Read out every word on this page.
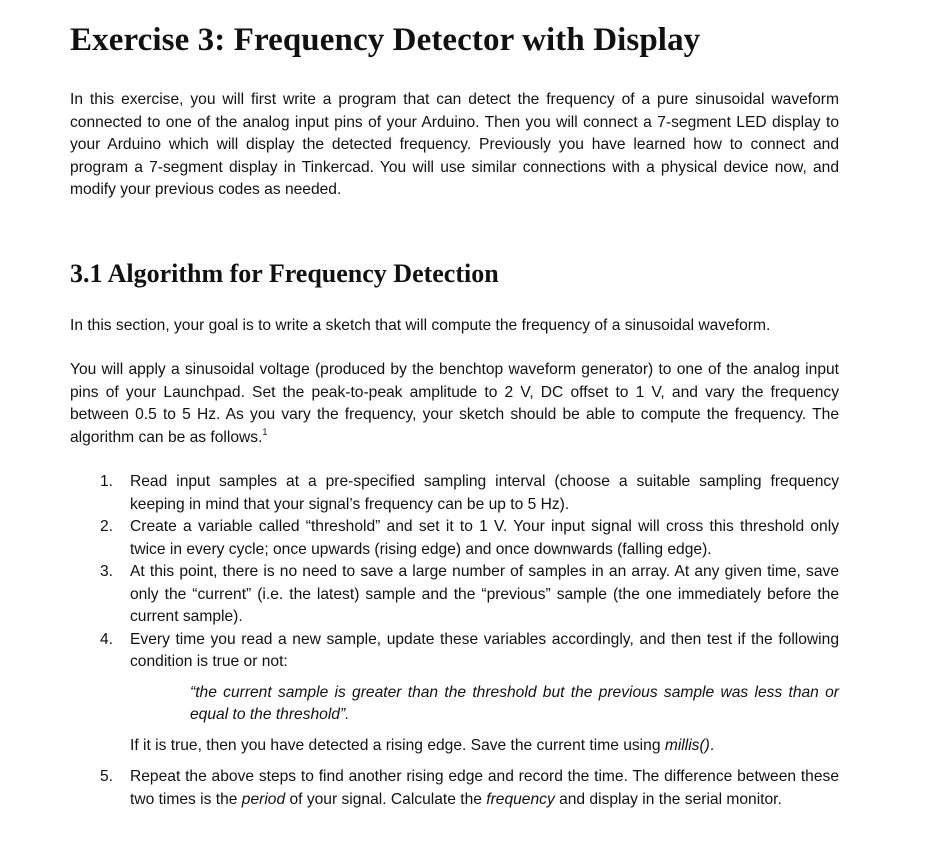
Exercise 3: Frequency Detector with Display

In this exercise, you will first write a program that can detect the frequency of a pure sinusoidal waveform connected to one of the analog input pins of your Arduino. Then you will connect a 7-segment LED display to your Arduino which will display the detected frequency. Previously you have learned how to connect and program a 7-segment display in Tinkercad. You will use similar connections with a physical device now, and modify your previous codes as needed.

3.1 Algorithm for Frequency Detection

In this section, your goal is to write a sketch that will compute the frequency of a sinusoidal waveform.

You will apply a sinusoidal voltage (produced by the benchtop waveform generator) to one of the analog input pins of your Launchpad. Set the peak-to-peak amplitude to 2 V, DC offset to 1 V, and vary the frequency between 0.5 to 5 Hz. As you vary the frequency, your sketch should be able to compute the frequency. The algorithm can be as follows.$^1$

1. Read input samples at a pre-specified sampling interval (choose a suitable sampling frequency keeping in mind that your signal’s frequency can be up to 5 Hz).
2. Create a variable called “threshold” and set it to 1 V. Your input signal will cross this threshold only twice in every cycle; once upwards (rising edge) and once downwards (falling edge).
3. At this point, there is no need to save a large number of samples in an array. At any given time, save only the “current” (i.e. the latest) sample and the “previous” sample (the one immediately before the current sample).
4. Every time you read a new sample, update these variables accordingly, and then test if the following condition is true or not:
“the current sample is greater than the threshold but the previous sample was less than or equal to the threshold”.
If it is true, then you have detected a rising edge. Save the current time using millis().
5. Repeat the above steps to find another rising edge and record the time. The difference between these two times is the period of your signal. Calculate the frequency and display in the serial monitor.
